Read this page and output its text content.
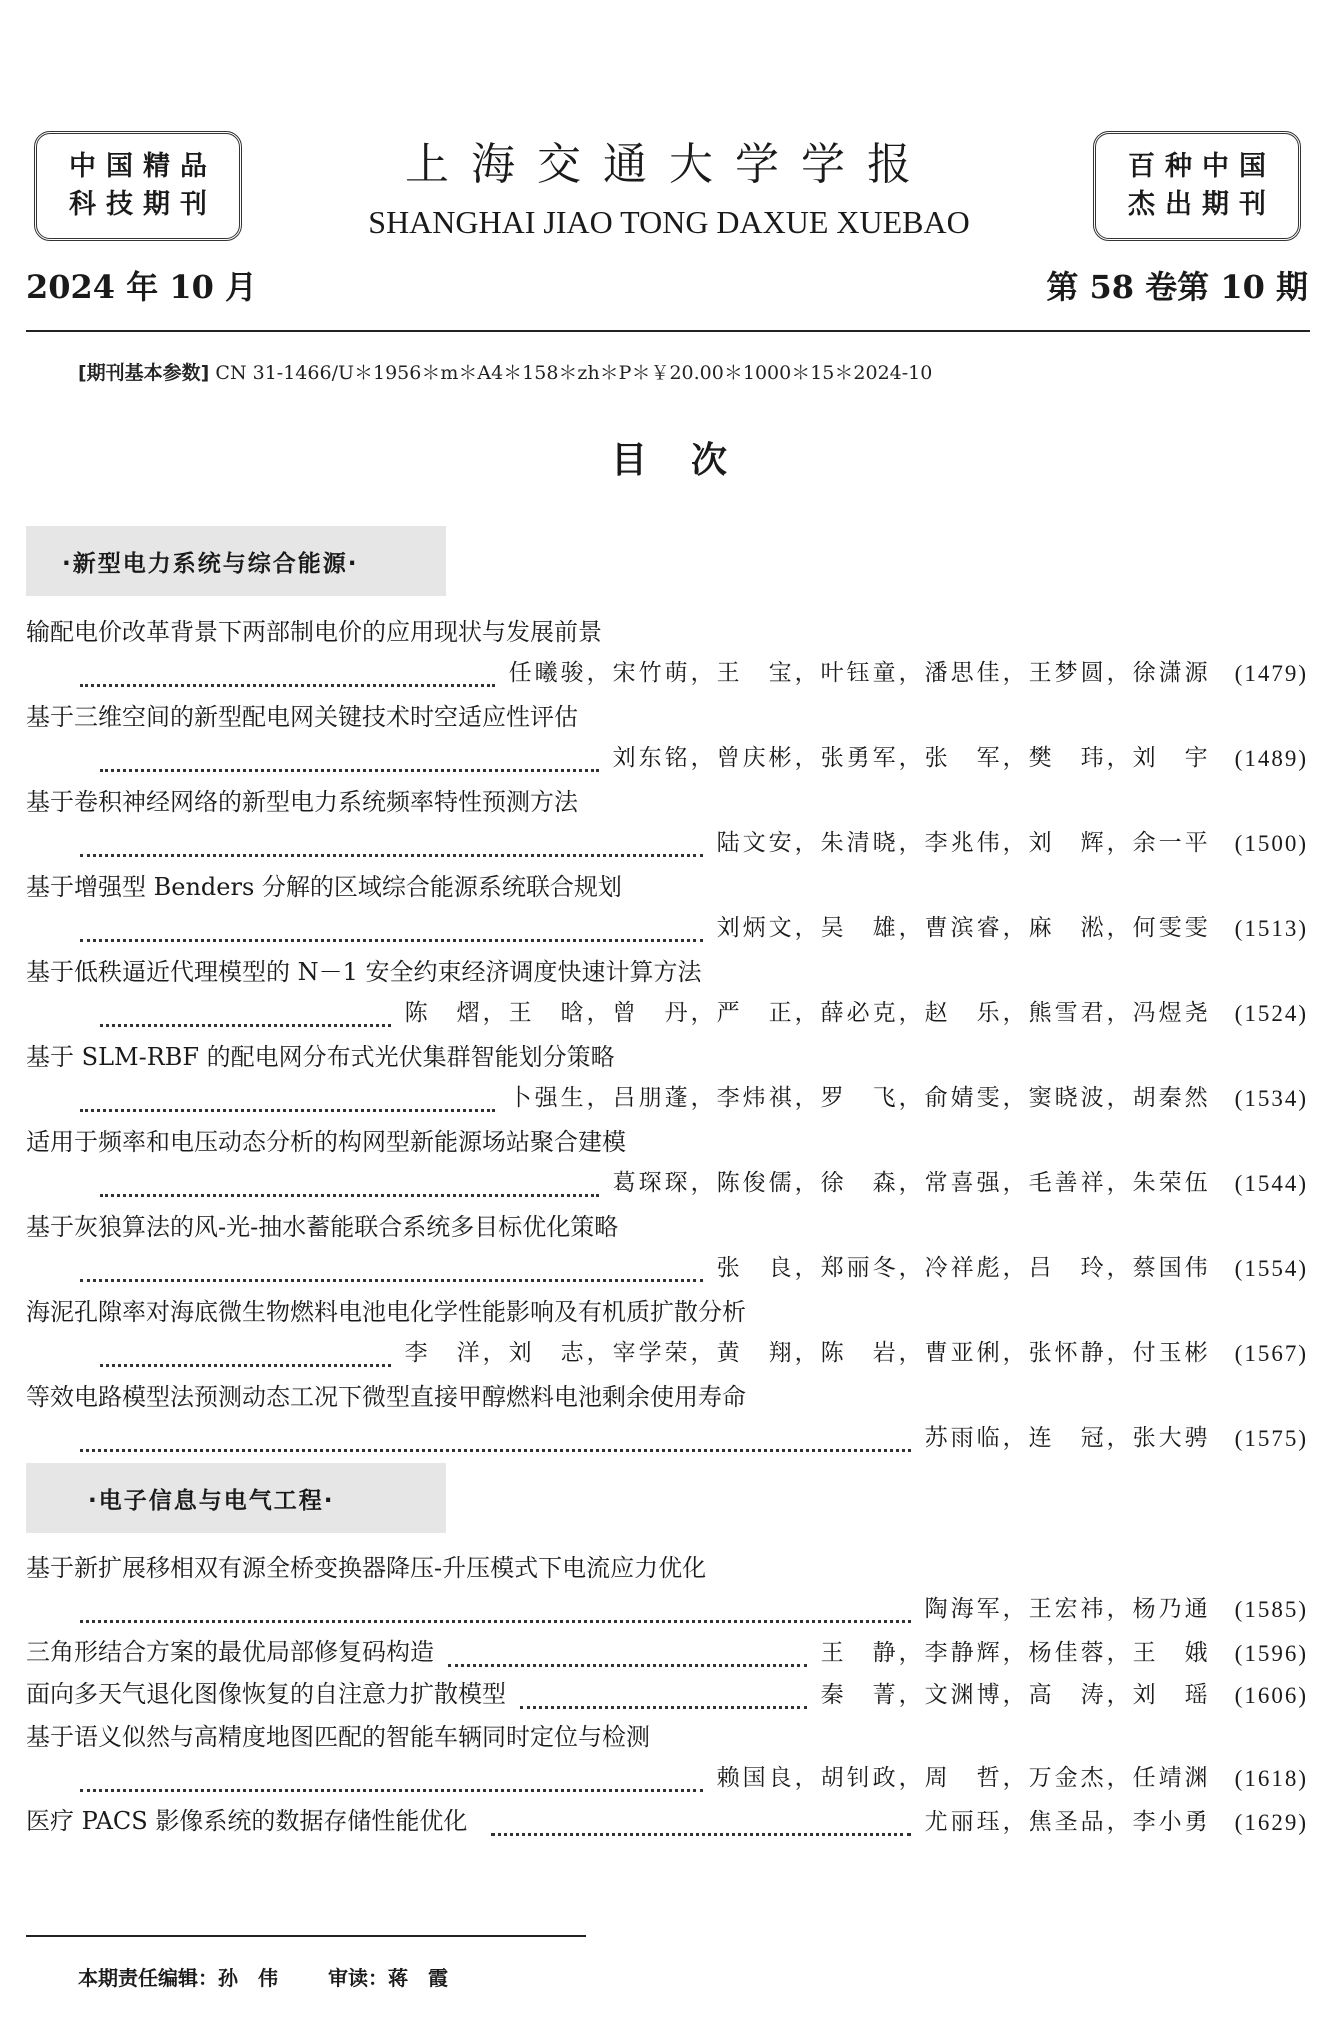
中国精品
科技期刊
百种中国
杰出期刊
上海交通大学学报
SHANGHAI JIAO TONG DAXUE XUEBAO
2024 年 10 月	第 58 卷第 10 期
[期刊基本参数] CN 31-1466/U＊1956＊m＊A4＊158＊zh＊P＊￥20.00＊1000＊15＊2024-10
目次
·新型电力系统与综合能源·
输配电价改革背景下两部制电价的应用现状与发展前景
任曦骏，宋竹萌，王　宝，叶钰童，潘思佳，王梦圆，徐潇源 (1479)
基于三维空间的新型配电网关键技术时空适应性评估
刘东铭，曾庆彬，张勇军，张　军，樊　玮，刘　宇 (1489)
基于卷积神经网络的新型电力系统频率特性预测方法
陆文安，朱清晓，李兆伟，刘　辉，余一平 (1500)
基于增强型 Benders 分解的区域综合能源系统联合规划
刘炳文，吴　雄，曹滨睿，麻　淞，何雯雯 (1513)
基于低秩逼近代理模型的 N－1 安全约束经济调度快速计算方法
陈　熠，王　晗，曾　丹，严　正，薛必克，赵　乐，熊雪君，冯煜尧 (1524)
基于 SLM-RBF 的配电网分布式光伏集群智能划分策略
卜强生，吕朋蓬，李炜祺，罗　飞，俞婧雯，窦晓波，胡秦然 (1534)
适用于频率和电压动态分析的构网型新能源场站聚合建模
葛琛琛，陈俊儒，徐　森，常喜强，毛善祥，朱荣伍 (1544)
基于灰狼算法的风-光-抽水蓄能联合系统多目标优化策略
张　良，郑丽冬，冷祥彪，吕　玲，蔡国伟 (1554)
海泥孔隙率对海底微生物燃料电池电化学性能影响及有机质扩散分析
李　洋，刘　志，宰学荣，黄　翔，陈　岩，曹亚俐，张怀静，付玉彬 (1567)
等效电路模型法预测动态工况下微型直接甲醇燃料电池剩余使用寿命
苏雨临，连　冠，张大骋 (1575)
·电子信息与电气工程·
基于新扩展移相双有源全桥变换器降压-升压模式下电流应力优化
陶海军，王宏祎，杨乃通 (1585)
三角形结合方案的最优局部修复码构造	王　静，李静辉，杨佳蓉，王　娥 (1596)
面向多天气退化图像恢复的自注意力扩散模型	秦　菁，文渊博，高　涛，刘　瑶 (1606)
基于语义似然与高精度地图匹配的智能车辆同时定位与检测
赖国良，胡钊政，周　哲，万金杰，任靖渊 (1618)
医疗 PACS 影像系统的数据存储性能优化	尤丽珏，焦圣品，李小勇 (1629)
本期责任编辑：孙　伟	审读：蒋　霞
